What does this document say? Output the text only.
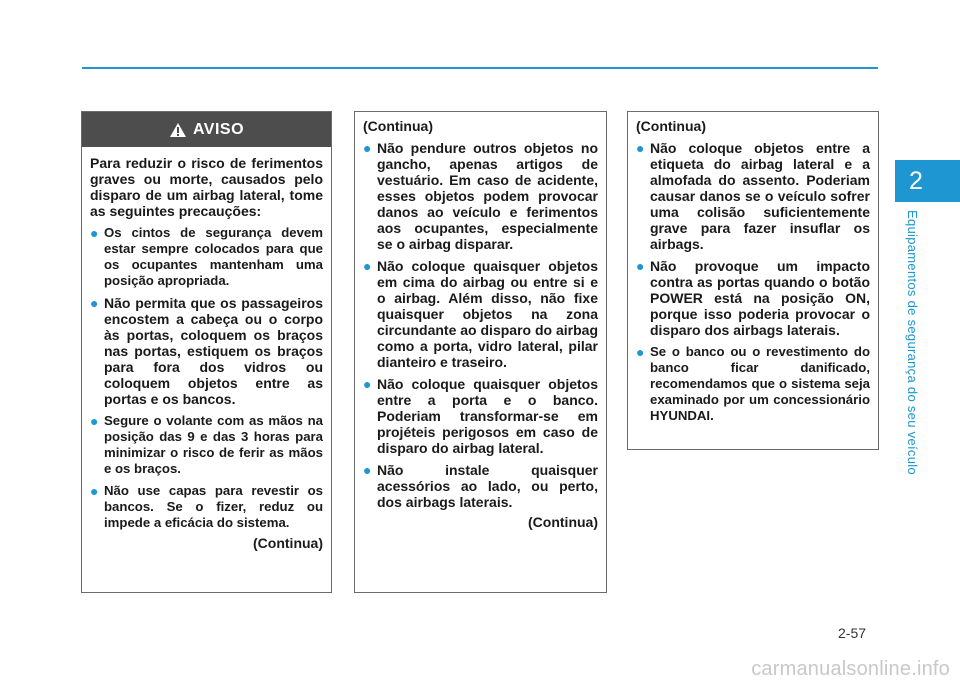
2
Equipamentos de segurança do seu veículo
AVISO
Para reduzir o risco de ferimentos graves ou morte, causados pelo disparo de um airbag lateral, tome as seguintes precauções:
● Os cintos de segurança devem estar sempre colocados para que os ocupantes mantenham uma posição apropriada.
● Não permita que os passageiros encostem a cabeça ou o corpo às portas, coloquem os braços nas portas, estiquem os braços para fora dos vidros ou coloquem objetos entre as portas e os bancos.
● Segure o volante com as mãos na posição das 9 e das 3 horas para minimizar o risco de ferir as mãos e os braços.
● Não use capas para revestir os bancos. Se o fizer, reduz ou impede a eficácia do sistema.
(Continua)
(Continua)
● Não pendure outros objetos no gancho, apenas artigos de vestuário. Em caso de acidente, esses objetos podem provocar danos ao veículo e ferimentos aos ocupantes, especialmente se o airbag disparar.
● Não coloque quaisquer objetos em cima do airbag ou entre si e o airbag. Além disso, não fixe quaisquer objetos na zona circundante ao disparo do airbag como a porta, vidro lateral, pilar dianteiro e traseiro.
● Não coloque quaisquer objetos entre a porta e o banco. Poderiam transformar-se em projéteis perigosos em caso de disparo do airbag lateral.
● Não instale quaisquer acessórios ao lado, ou perto, dos airbags laterais.
(Continua)
(Continua)
● Não coloque objetos entre a etiqueta do airbag lateral e a almofada do assento. Poderiam causar danos se o veículo sofrer uma colisão suficientemente grave para fazer insuflar os airbags.
● Não provoque um impacto contra as portas quando o botão POWER está na posição ON, porque isso poderia provocar o disparo dos airbags laterais.
● Se o banco ou o revestimento do banco ficar danificado, recomendamos que o sistema seja examinado por um concessionário HYUNDAI.
2-57
carmanualsonline.info
